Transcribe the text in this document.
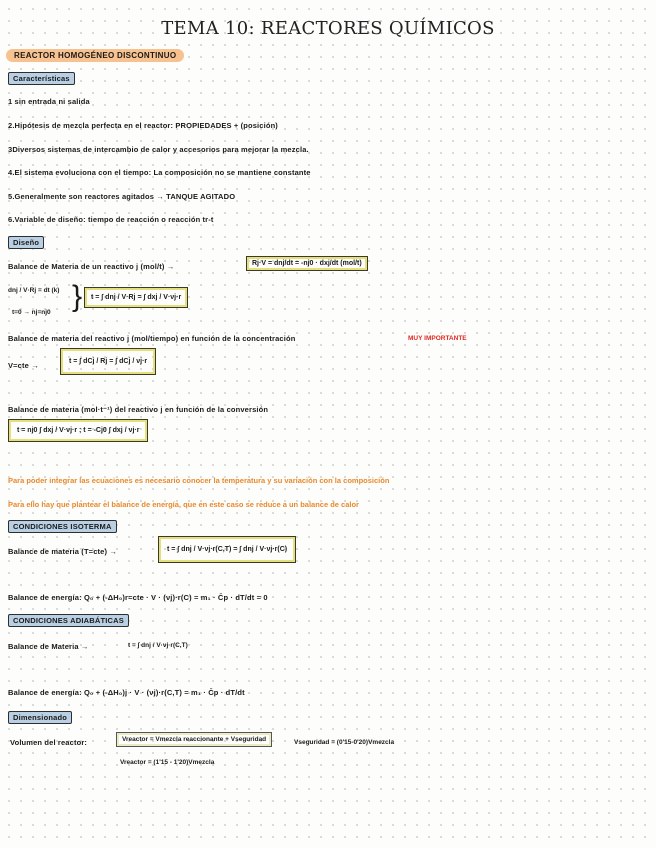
TEMA 10: REACTORES QUÍMICOS
REACTOR HOMOGÉNEO DISCONTINUO
Características
1 sin entrada ni salida
2.Hipótesis de mezcla perfecta en el reactor: PROPIEDADES + (posición)
3Diversos sistemas de intercambio de calor y accesorios para mejorar la mezcla.
4.El sistema evoluciona con el tiempo: La composición no se mantiene constante
5.Generalmente son reactores agitados → TANQUE AGITADO
6.Variable de diseño: tiempo de reacción o reacción tr-t
Diseño
Balance de Materia de un reactivo j (mol/t) →	Rj·V = dnj/dt = -nj0 · dxj/dt (mol/t)
dnj / V·Rj = dt (k)
t=0 → nj=nj0 }	t = ∫ dnj / V·Rj = ∫ dxj / V·νj·r
Balance de materia del reactivo j (mol/tiempo) en función de la concentración	MUY IMPORTANTE
V=cte →	t = ∫ dCj / Rj = ∫ dCj / νj·r
Balance de materia (mol·t⁻¹) del reactivo j en función de la conversión
t = nj0 ∫ dxj / V·νj·r ; t = -Cj0 ∫ dxj / νj·r
Para poder integrar las ecuaciones es necesario conocer la temperatura y su variación con la composición
Para ello hay que plantear el balance de energía, que en este caso se reduce a un balance de calor
CONDICIONES ISOTERMA
Balance de materia (T=cte) →	t = ∫ dnj / V·νj·r(C,T) = ∫ dnj / V·νj·r(C)
Balance de energía: Q₀ + (-ΔH₀)r=cte · V · (νj)·r(C) = m₁ · C̄p · dT/dt = 0
CONDICIONES ADIABÁTICAS
Balance de Materia →	t = ∫ dnj / V·νj·r(C,T)
Balance de energía: Q₀ + (-ΔH₀)j · V · (νj)·r(C,T) = m₁ · C̄p · dT/dt
Dimensionado
Volumen del reactor:	Vreactor = Vmezcla reaccionante + Vseguridad	Vseguridad = (0'15-0'20)Vmezcla
Vreactor = (1'15 - 1'20)Vmezcla
